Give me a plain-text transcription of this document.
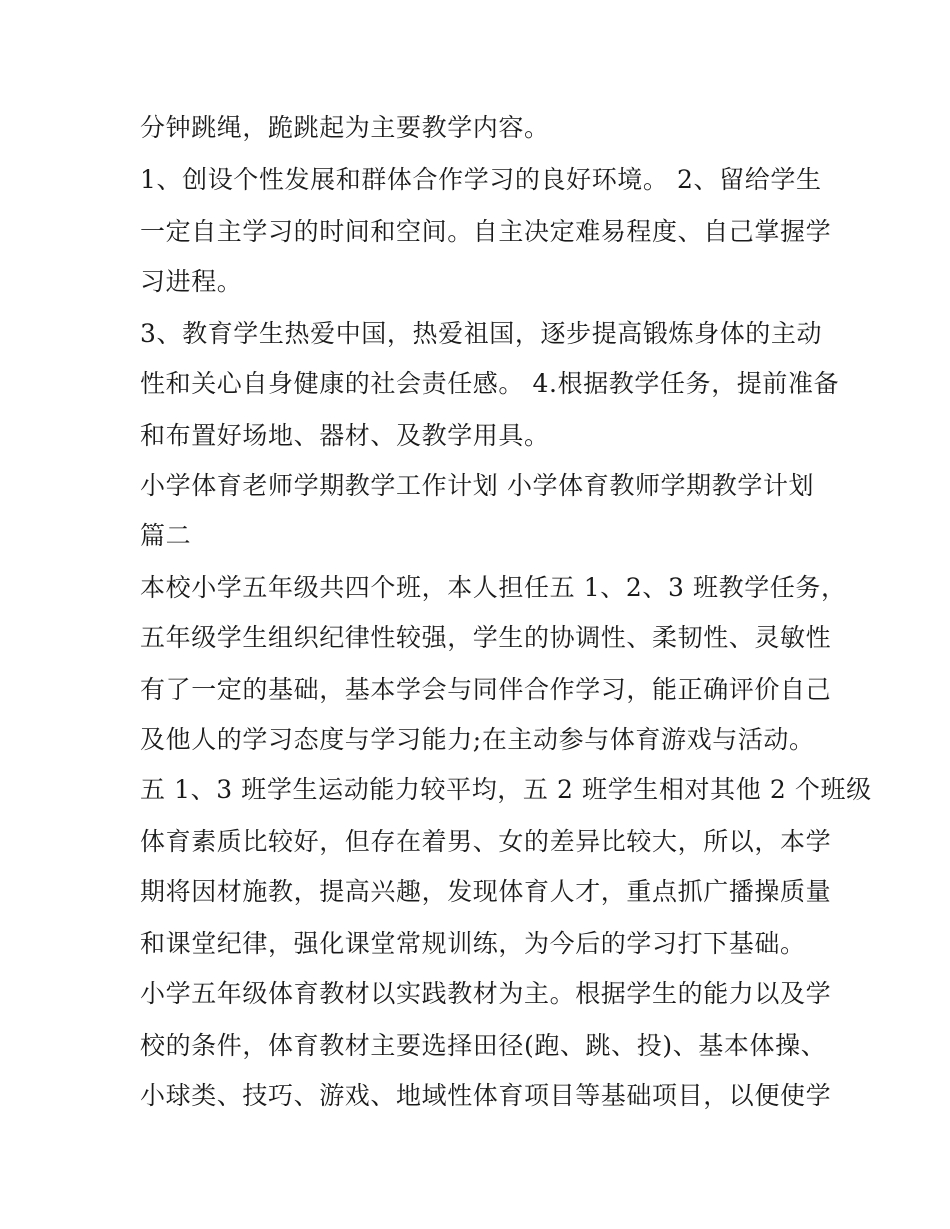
分钟跳绳，跪跳起为主要教学内容。
1、创设个性发展和群体合作学习的良好环境。 2、留给学生
一定自主学习的时间和空间。自主决定难易程度、自己掌握学
习进程。
3、教育学生热爱中国，热爱祖国，逐步提高锻炼身体的主动
性和关心自身健康的社会责任感。 4.根据教学任务，提前准备
和布置好场地、器材、及教学用具。
小学体育老师学期教学工作计划 小学体育教师学期教学计划
篇二
本校小学五年级共四个班，本人担任五 1、2、3 班教学任务，
五年级学生组织纪律性较强，学生的协调性、柔韧性、灵敏性
有了一定的基础，基本学会与同伴合作学习，能正确评价自己
及他人的学习态度与学习能力;在主动参与体育游戏与活动。
五 1、3 班学生运动能力较平均，五 2 班学生相对其他 2 个班级
体育素质比较好，但存在着男、女的差异比较大，所以，本学
期将因材施教，提高兴趣，发现体育人才，重点抓广播操质量
和课堂纪律，强化课堂常规训练，为今后的学习打下基础。
小学五年级体育教材以实践教材为主。根据学生的能力以及学
校的条件，体育教材主要选择田径(跑、跳、投)、基本体操、
小球类、技巧、游戏、地域性体育项目等基础项目，以便使学
